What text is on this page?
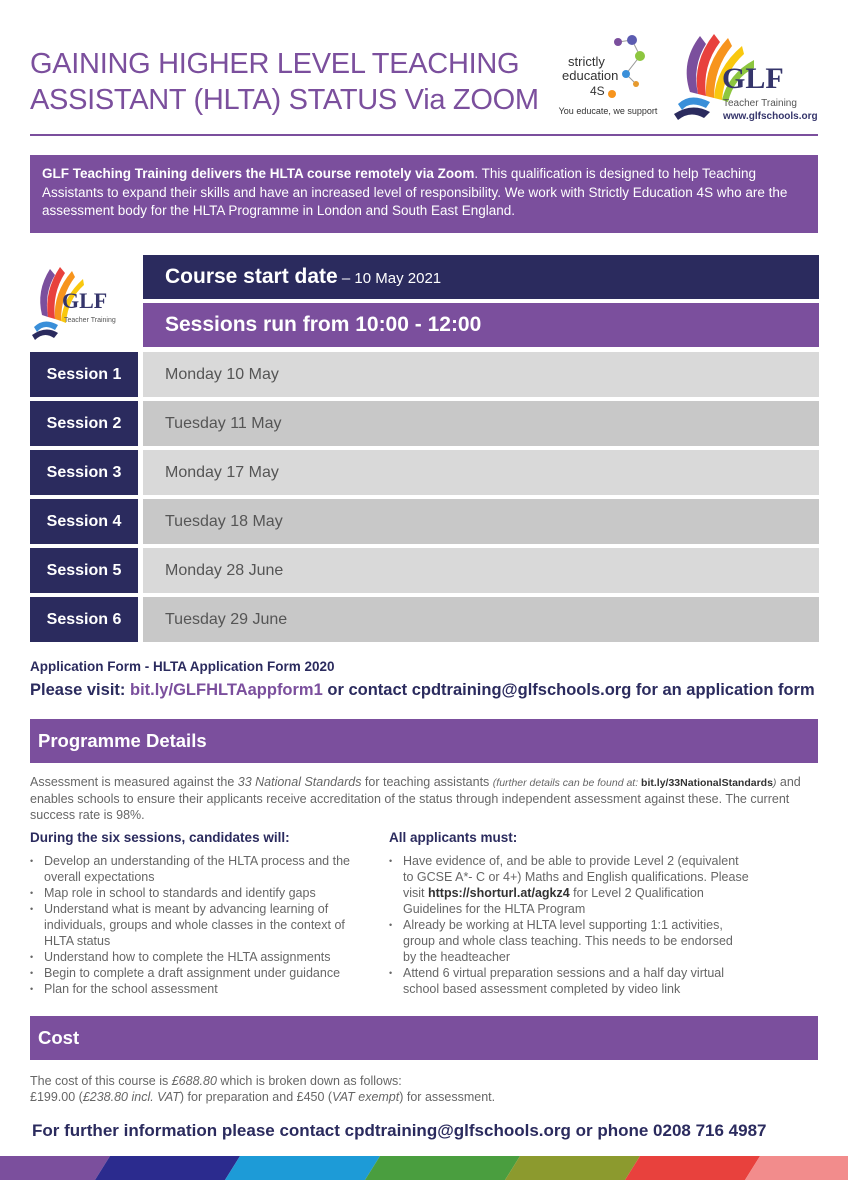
GAINING HIGHER LEVEL TEACHING
ASSISTANT (HLTA) STATUS Via ZOOM
strictly
education
4S
You educate, we support
GLF
Teacher Training
www.glfschools.org
GLF Teaching Training delivers the HLTA course remotely via Zoom. This qualification is designed to help Teaching Assistants to expand their skills and have an increased level of responsibility. We work with Strictly Education 4S who are the assessment body for the HLTA Programme in London and South East England.
GLF
Teacher Training
Course start date – 10 May 2021
Sessions run from 10:00 - 12:00
Session 1	Monday 10 May
Session 2	Tuesday 11 May
Session 3	Monday 17 May
Session 4	Tuesday 18 May
Session 5	Monday 28 June
Session 6	Tuesday 29 June
Application Form - HLTA Application Form 2020
Please visit: bit.ly/GLFHLTAappform1 or contact cpdtraining@glfschools.org for an application form
Programme Details
Assessment is measured against the 33 National Standards for teaching assistants (further details can be found at: bit.ly/33NationalStandards) and enables schools to ensure their applicants receive accreditation of the status through independent assessment against these. The current success rate is 98%.
During the six sessions, candidates will:
• Develop an understanding of the HLTA process and the overall expectations
• Map role in school to standards and identify gaps
• Understand what is meant by advancing learning of individuals, groups and whole classes in the context of HLTA status
• Understand how to complete the HLTA assignments
• Begin to complete a draft assignment under guidance
• Plan for the school assessment
All applicants must:
• Have evidence of, and be able to provide Level 2 (equivalent to GCSE A*- C or 4+) Maths and English qualifications. Please visit https://shorturl.at/agkz4 for Level 2 Qualification Guidelines for the HLTA Program
• Already be working at HLTA level supporting 1:1 activities, group and whole class teaching. This needs to be endorsed by the headteacher
• Attend 6 virtual preparation sessions and a half day virtual school based assessment completed by video link
Cost
The cost of this course is £688.80 which is broken down as follows:
£199.00 (£238.80 incl. VAT) for preparation and £450 (VAT exempt) for assessment.
For further information please contact cpdtraining@glfschools.org or phone 0208 716 4987
